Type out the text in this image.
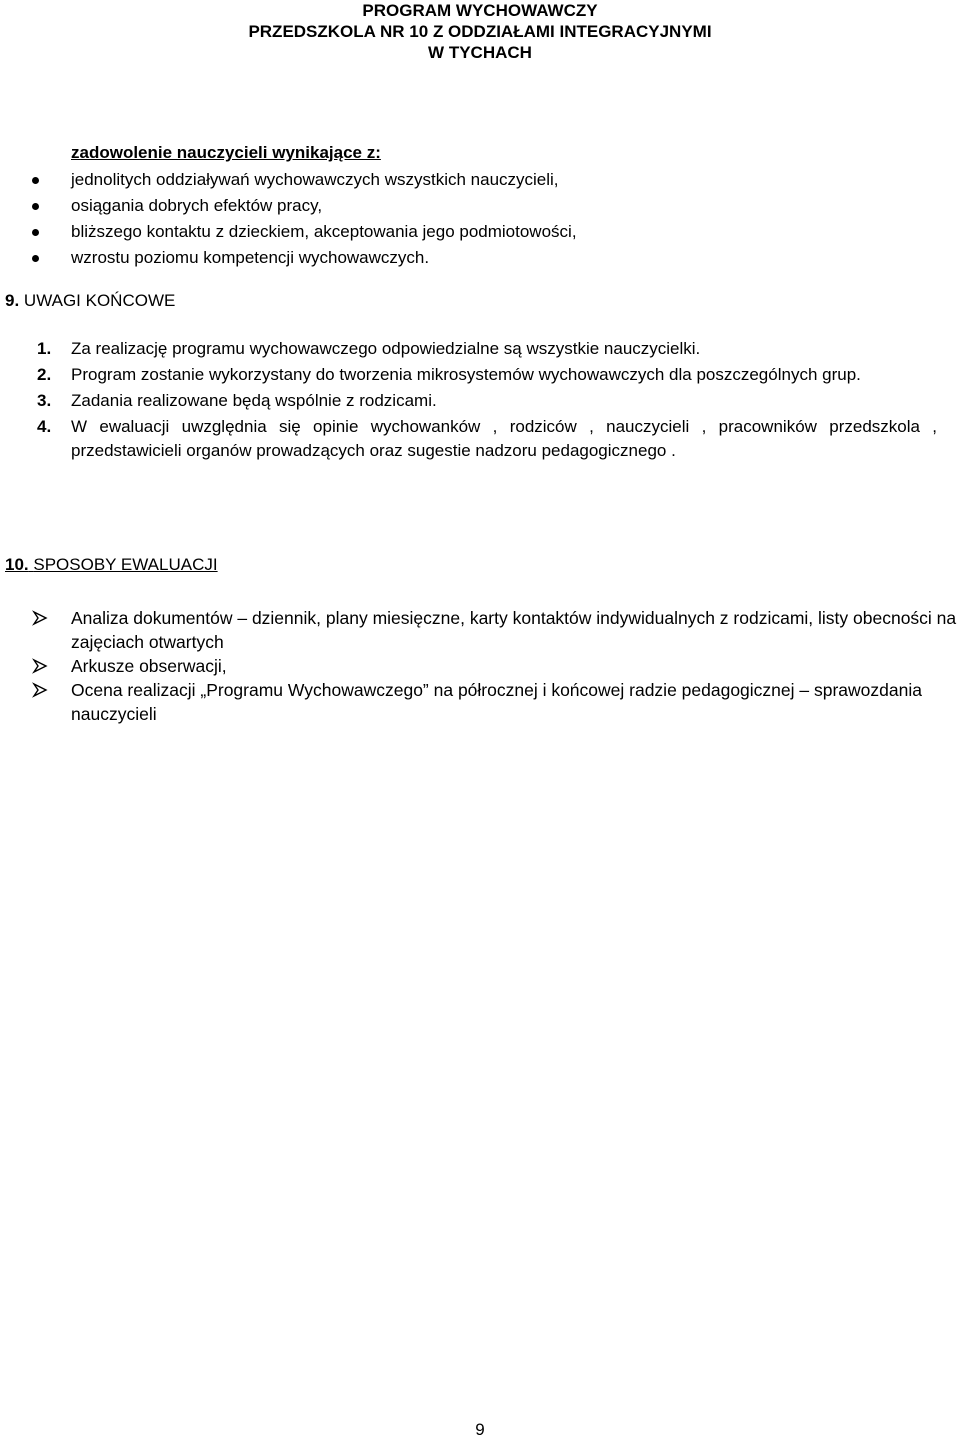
PROGRAM WYCHOWAWCZY
PRZEDSZKOLA NR 10 Z ODDZIAŁAMI INTEGRACYJNYMI
W TYCHACH
zadowolenie nauczycieli wynikające z:
jednolitych oddziaływań wychowawczych wszystkich nauczycieli,
osiągania dobrych efektów pracy,
bliższego kontaktu z dzieckiem, akceptowania jego podmiotowości,
wzrostu poziomu kompetencji wychowawczych.
9. UWAGI KOŃCOWE
1. Za realizację programu wychowawczego odpowiedzialne są wszystkie nauczycielki.
2. Program zostanie wykorzystany do tworzenia mikrosystemów wychowawczych dla poszczególnych grup.
3. Zadania realizowane będą wspólnie z rodzicami.
4. W ewaluacji uwzględnia się opinie wychowanków , rodziców , nauczycieli , pracowników przedszkola , przedstawicieli organów prowadzących oraz sugestie nadzoru pedagogicznego .
10. SPOSOBY EWALUACJI
Analiza dokumentów – dziennik, plany miesięczne, karty kontaktów indywidualnych z rodzicami, listy obecności na zajęciach otwartych
Arkusze obserwacji,
Ocena realizacji „Programu Wychowawczego” na półrocznej i końcowej radzie pedagogicznej – sprawozdania nauczycieli
9
